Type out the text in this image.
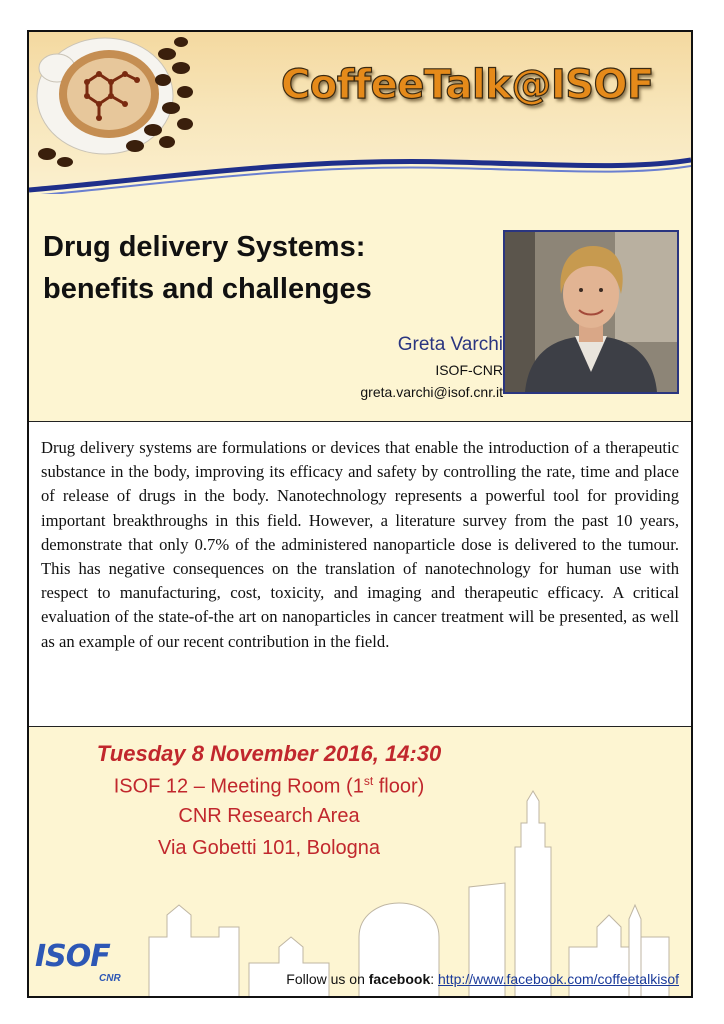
CoffeeTalk@ISOF
Drug delivery Systems:
benefits and challenges
Greta Varchi
ISOF-CNR
greta.varchi@isof.cnr.it

Drug delivery systems are formulations or devices that enable the introduction of a therapeutic substance in the body, improving its efficacy and safety by controlling the rate, time and place of release of drugs in the body. Nanotechnology represents a powerful tool for providing important breakthroughs in this field. However, a literature survey from the past 10 years, demonstrate that only 0.7% of the administered nanoparticle dose is delivered to the tumour. This has negative consequences on the translation of nanotechnology for human use with respect to manufacturing, cost, toxicity, and imaging and therapeutic efficacy. A critical evaluation of the state-of-the art on nanoparticles in cancer treatment will be presented, as well as an example of our recent contribution in the field.

Tuesday 8 November 2016, 14:30
ISOF 12 – Meeting Room (1st floor)
CNR Research Area
Via Gobetti 101, Bologna
ISOF
CNR	Follow us on facebook: http://www.facebook.com/coffeetalkisof
